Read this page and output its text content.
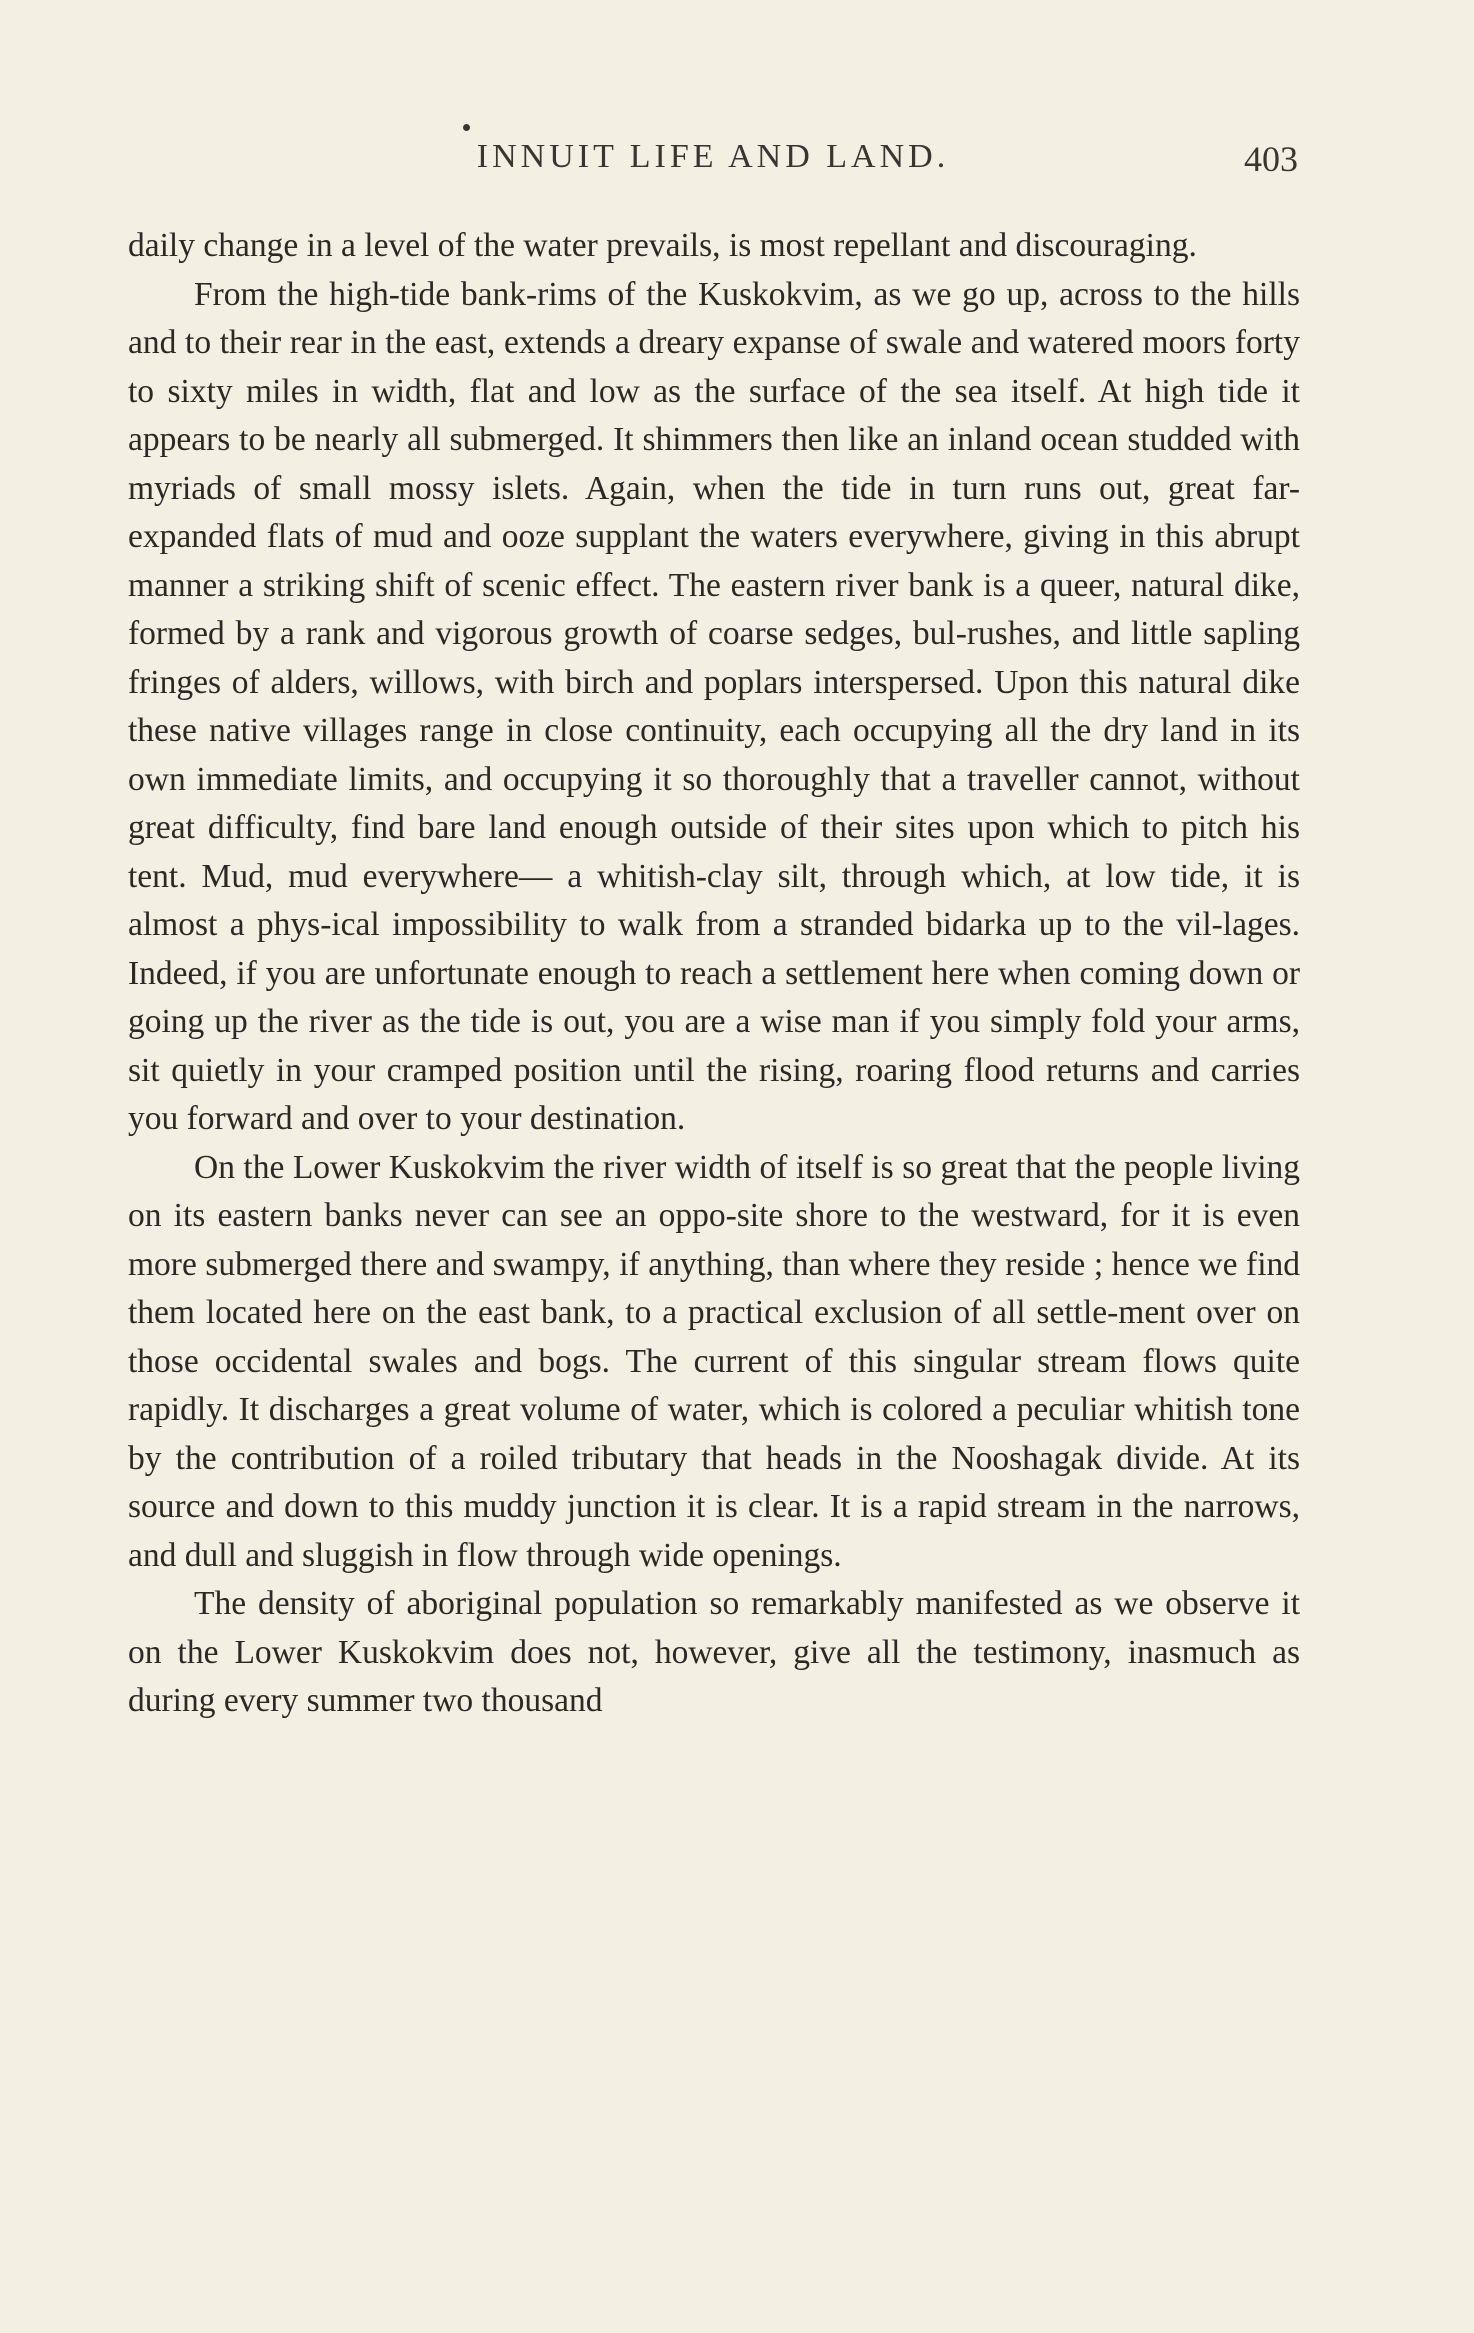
INNUIT LIFE AND LAND.	403

daily change in a level of the water prevails, is most repellant and discouraging.

From the high-tide bank-rims of the Kuskokvim, as we go up, across to the hills and to their rear in the east, extends a dreary expanse of swale and watered moors forty to sixty miles in width, flat and low as the surface of the sea itself. At high tide it appears to be nearly all submerged. It shimmers then like an inland ocean studded with myriads of small mossy islets. Again, when the tide in turn runs out, great far-expanded flats of mud and ooze supplant the waters everywhere, giving in this abrupt manner a striking shift of scenic effect. The eastern river bank is a queer, natural dike, formed by a rank and vigorous growth of coarse sedges, bul-rushes, and little sapling fringes of alders, willows, with birch and poplars interspersed. Upon this natural dike these native villages range in close continuity, each occupying all the dry land in its own immediate limits, and occupying it so thoroughly that a traveller cannot, without great difficulty, find bare land enough outside of their sites upon which to pitch his tent. Mud, mud everywhere— a whitish-clay silt, through which, at low tide, it is almost a phys-ical impossibility to walk from a stranded bidarka up to the vil-lages. Indeed, if you are unfortunate enough to reach a settlement here when coming down or going up the river as the tide is out, you are a wise man if you simply fold your arms, sit quietly in your cramped position until the rising, roaring flood returns and carries you forward and over to your destination.

On the Lower Kuskokvim the river width of itself is so great that the people living on its eastern banks never can see an oppo-site shore to the westward, for it is even more submerged there and swampy, if anything, than where they reside ; hence we find them located here on the east bank, to a practical exclusion of all settle-ment over on those occidental swales and bogs. The current of this singular stream flows quite rapidly. It discharges a great volume of water, which is colored a peculiar whitish tone by the contribution of a roiled tributary that heads in the Nooshagak divide. At its source and down to this muddy junction it is clear. It is a rapid stream in the narrows, and dull and sluggish in flow through wide openings.

The density of aboriginal population so remarkably manifested as we observe it on the Lower Kuskokvim does not, however, give all the testimony, inasmuch as during every summer two thousand
